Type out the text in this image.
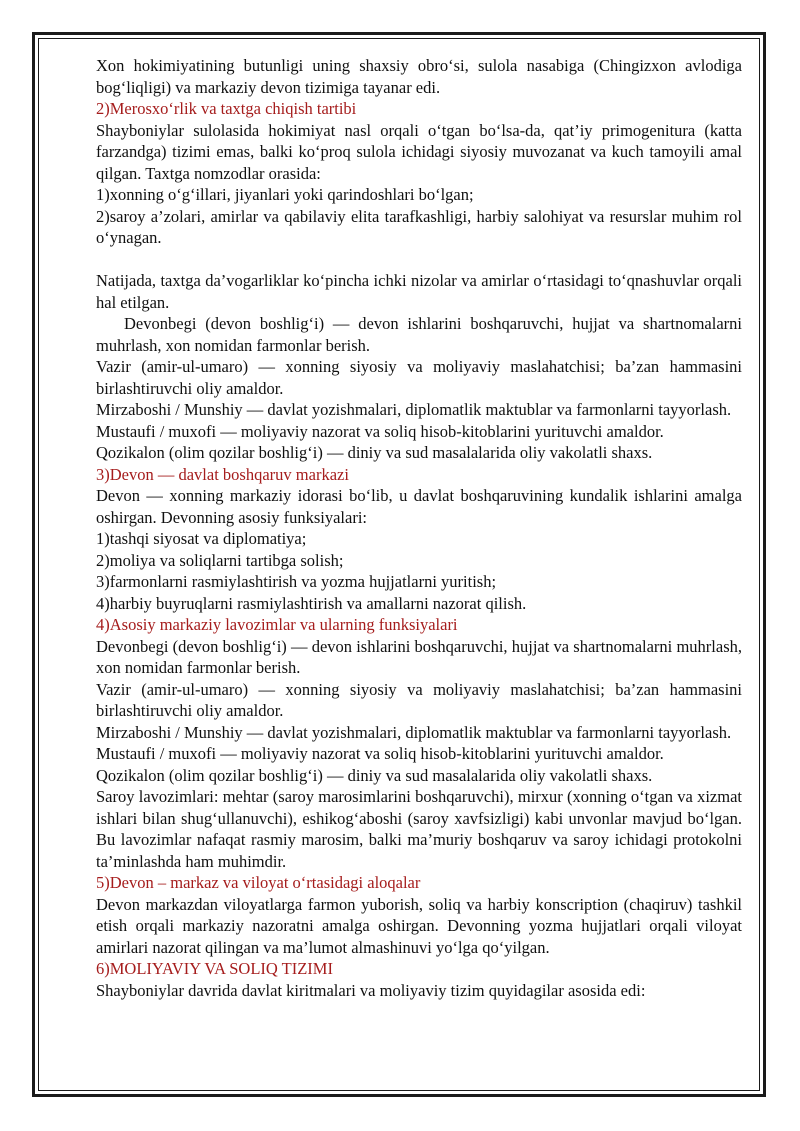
Xon hokimiyatining butunligi uning shaxsiy obro‘si, sulola nasabiga (Chingizxon avlodiga bog‘liqligi) va markaziy devon tizimiga tayanar edi.

2)Merosxo‘rlik va taxtga chiqish tartibi

Shayboniylar sulolasida hokimiyat nasl orqali o‘tgan bo‘lsa-da, qat’iy primogenitura (katta farzandga) tizimi emas, balki ko‘proq sulola ichidagi siyosiy muvozanat va kuch tamoyili amal qilgan. Taxtga nomzodlar orasida:

1)xonning o‘g‘illari, jiyanlari yoki qarindoshlari bo‘lgan;

2)saroy a’zolari, amirlar va qabilaviy elita tarafkashligi, harbiy salohiyat va resurslar muhim rol o‘ynagan.

Natijada, taxtga da’vogarliklar ko‘pincha ichki nizolar va amirlar o‘rtasidagi to‘qnashuvlar orqali hal etilgan.

Devonbegi (devon boshlig‘i) — devon ishlarini boshqaruvchi, hujjat va shartnomalarni muhrlash, xon nomidan farmonlar berish.

Vazir (amir-ul-umaro) — xonning siyosiy va moliyaviy maslahatchisi; ba’zan hammasini birlashtiruvchi oliy amaldor.

Mirzaboshi / Munshiy — davlat yozishmalari, diplomatlik maktublar va farmonlarni tayyorlash.

Mustaufi / muxofi — moliyaviy nazorat va soliq hisob-kitoblarini yurituvchi amaldor.

Qozikalon (olim qozilar boshlig‘i) — diniy va sud masalalarida oliy vakolatli shaxs.

3)Devon — davlat boshqaruv markazi

Devon — xonning markaziy idorasi bo‘lib, u davlat boshqaruvining kundalik ishlarini amalga oshirgan. Devonning asosiy funksiyalari:

1)tashqi siyosat va diplomatiya;

2)moliya va soliqlarni tartibga solish;

3)farmonlarni rasmiylashtirish va yozma hujjatlarni yuritish;

4)harbiy buyruqlarni rasmiylashtirish va amallarni nazorat qilish.

4)Asosiy markaziy lavozimlar va ularning funksiyalari

Devonbegi (devon boshlig‘i) — devon ishlarini boshqaruvchi, hujjat va shartnomalarni muhrlash, xon nomidan farmonlar berish.

Vazir (amir-ul-umaro) — xonning siyosiy va moliyaviy maslahatchisi; ba’zan hammasini birlashtiruvchi oliy amaldor.

Mirzaboshi / Munshiy — davlat yozishmalari, diplomatlik maktublar va farmonlarni tayyorlash.

Mustaufi / muxofi — moliyaviy nazorat va soliq hisob-kitoblarini yurituvchi amaldor.

Qozikalon (olim qozilar boshlig‘i) — diniy va sud masalalarida oliy vakolatli shaxs.

Saroy lavozimlari: mehtar (saroy marosimlarini boshqaruvchi), mirxur (xonning o‘tgan va xizmat ishlari bilan shug‘ullanuvchi), eshikog‘aboshi (saroy xavfsizligi) kabi unvonlar mavjud bo‘lgan. Bu lavozimlar nafaqat rasmiy marosim, balki ma’muriy boshqaruv va saroy ichidagi protokolni ta’minlashda ham muhimdir.

5)Devon – markaz va viloyat o‘rtasidagi aloqalar

Devon markazdan viloyatlarga farmon yuborish, soliq va harbiy konscription (chaqiruv) tashkil etish orqali markaziy nazoratni amalga oshirgan. Devonning yozma hujjatlari orqali viloyat amirlari nazorat qilingan va ma’lumot almashinuvi yo‘lga qo‘yilgan.

6)MOLIYAVIY VA SOLIQ TIZIMI

Shayboniylar davrida davlat kiritmalari va moliyaviy tizim quyidagilar asosida edi:
